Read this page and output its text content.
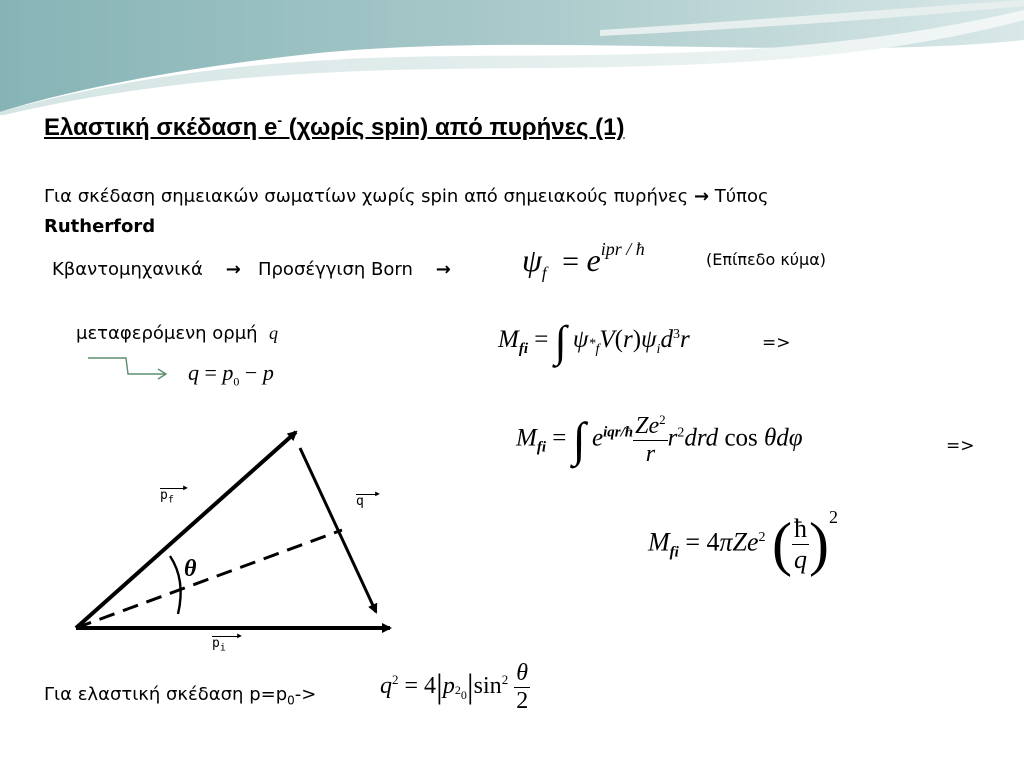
Ελαστική σκέδαση e- (χωρίς spin) από πυρήνες (1)
Για σκέδαση σημειακών σωματίων χωρίς spin από σημειακούς πυρήνες → Τύπος
Rutherford
Κβαντομηχανικά → Προσέγγιση Born → $\psi_f = e^{ipr / ħ}$
(Επίπεδο κύμα)
μεταφερόμενη ορμή q
$q = p_0 - p$
$M_{fi}$ = ∫ $\psi_{^*f}V(r)\psi_id^3r$	=>
$M_{fi}$ = ∫ $e^{iqr/ħ} \frac{Ze^2}{r} r^2drd$ cos θdφ	=>
$M_{fi} = 4\pi Ze^2$ ( $\frac{ħ}{q} )^2$
▶
$p_f$
▶
q
▶
$p_i$
θ
Για ελαστική σκέδαση $p=p_0->$	$q^2 = 4|p_{^20}|\sin^2 \frac{\theta}{2}$
